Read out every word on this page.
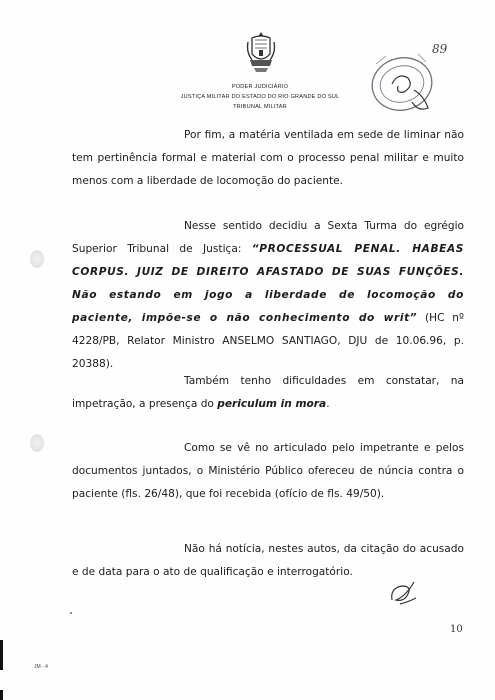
PODER JUDICIÁRIO
JUSTIÇA MILITAR DO ESTADO DO RIO GRANDE DO SUL
TRIBUNAL MILITAR
89
Por fim, a matéria ventilada em sede de liminar não tem pertinência formal e material com o processo penal militar e muito menos com a liberdade de locomoção do paciente.
Nesse sentido decidiu a Sexta Turma do egrégio Superior Tribunal de Justiça: “PROCESSUAL PENAL. HABEAS CORPUS. JUIZ DE DIREITO AFASTADO DE SUAS FUNÇÕES. Não estando em jogo a liberdade de locomoção do paciente, impõe-se o não conhecimento do writ” (HC nº 4228/PB, Relator Ministro ANSELMO SANTIAGO, DJU de 10.06.96, p. 20388).
Também tenho dificuldades em constatar, na impetração, a presença do periculum in mora.
Como se vê no articulado pelo impetrante e pelos documentos juntados, o Ministério Público ofereceu de núncia contra o paciente (fls. 26/48), que foi recebida (ofício de fls. 49/50).
Não há notícia, nestes autos, da citação do acusado e de data para o ato de qualificação e interrogatório.
10
JM - 4
